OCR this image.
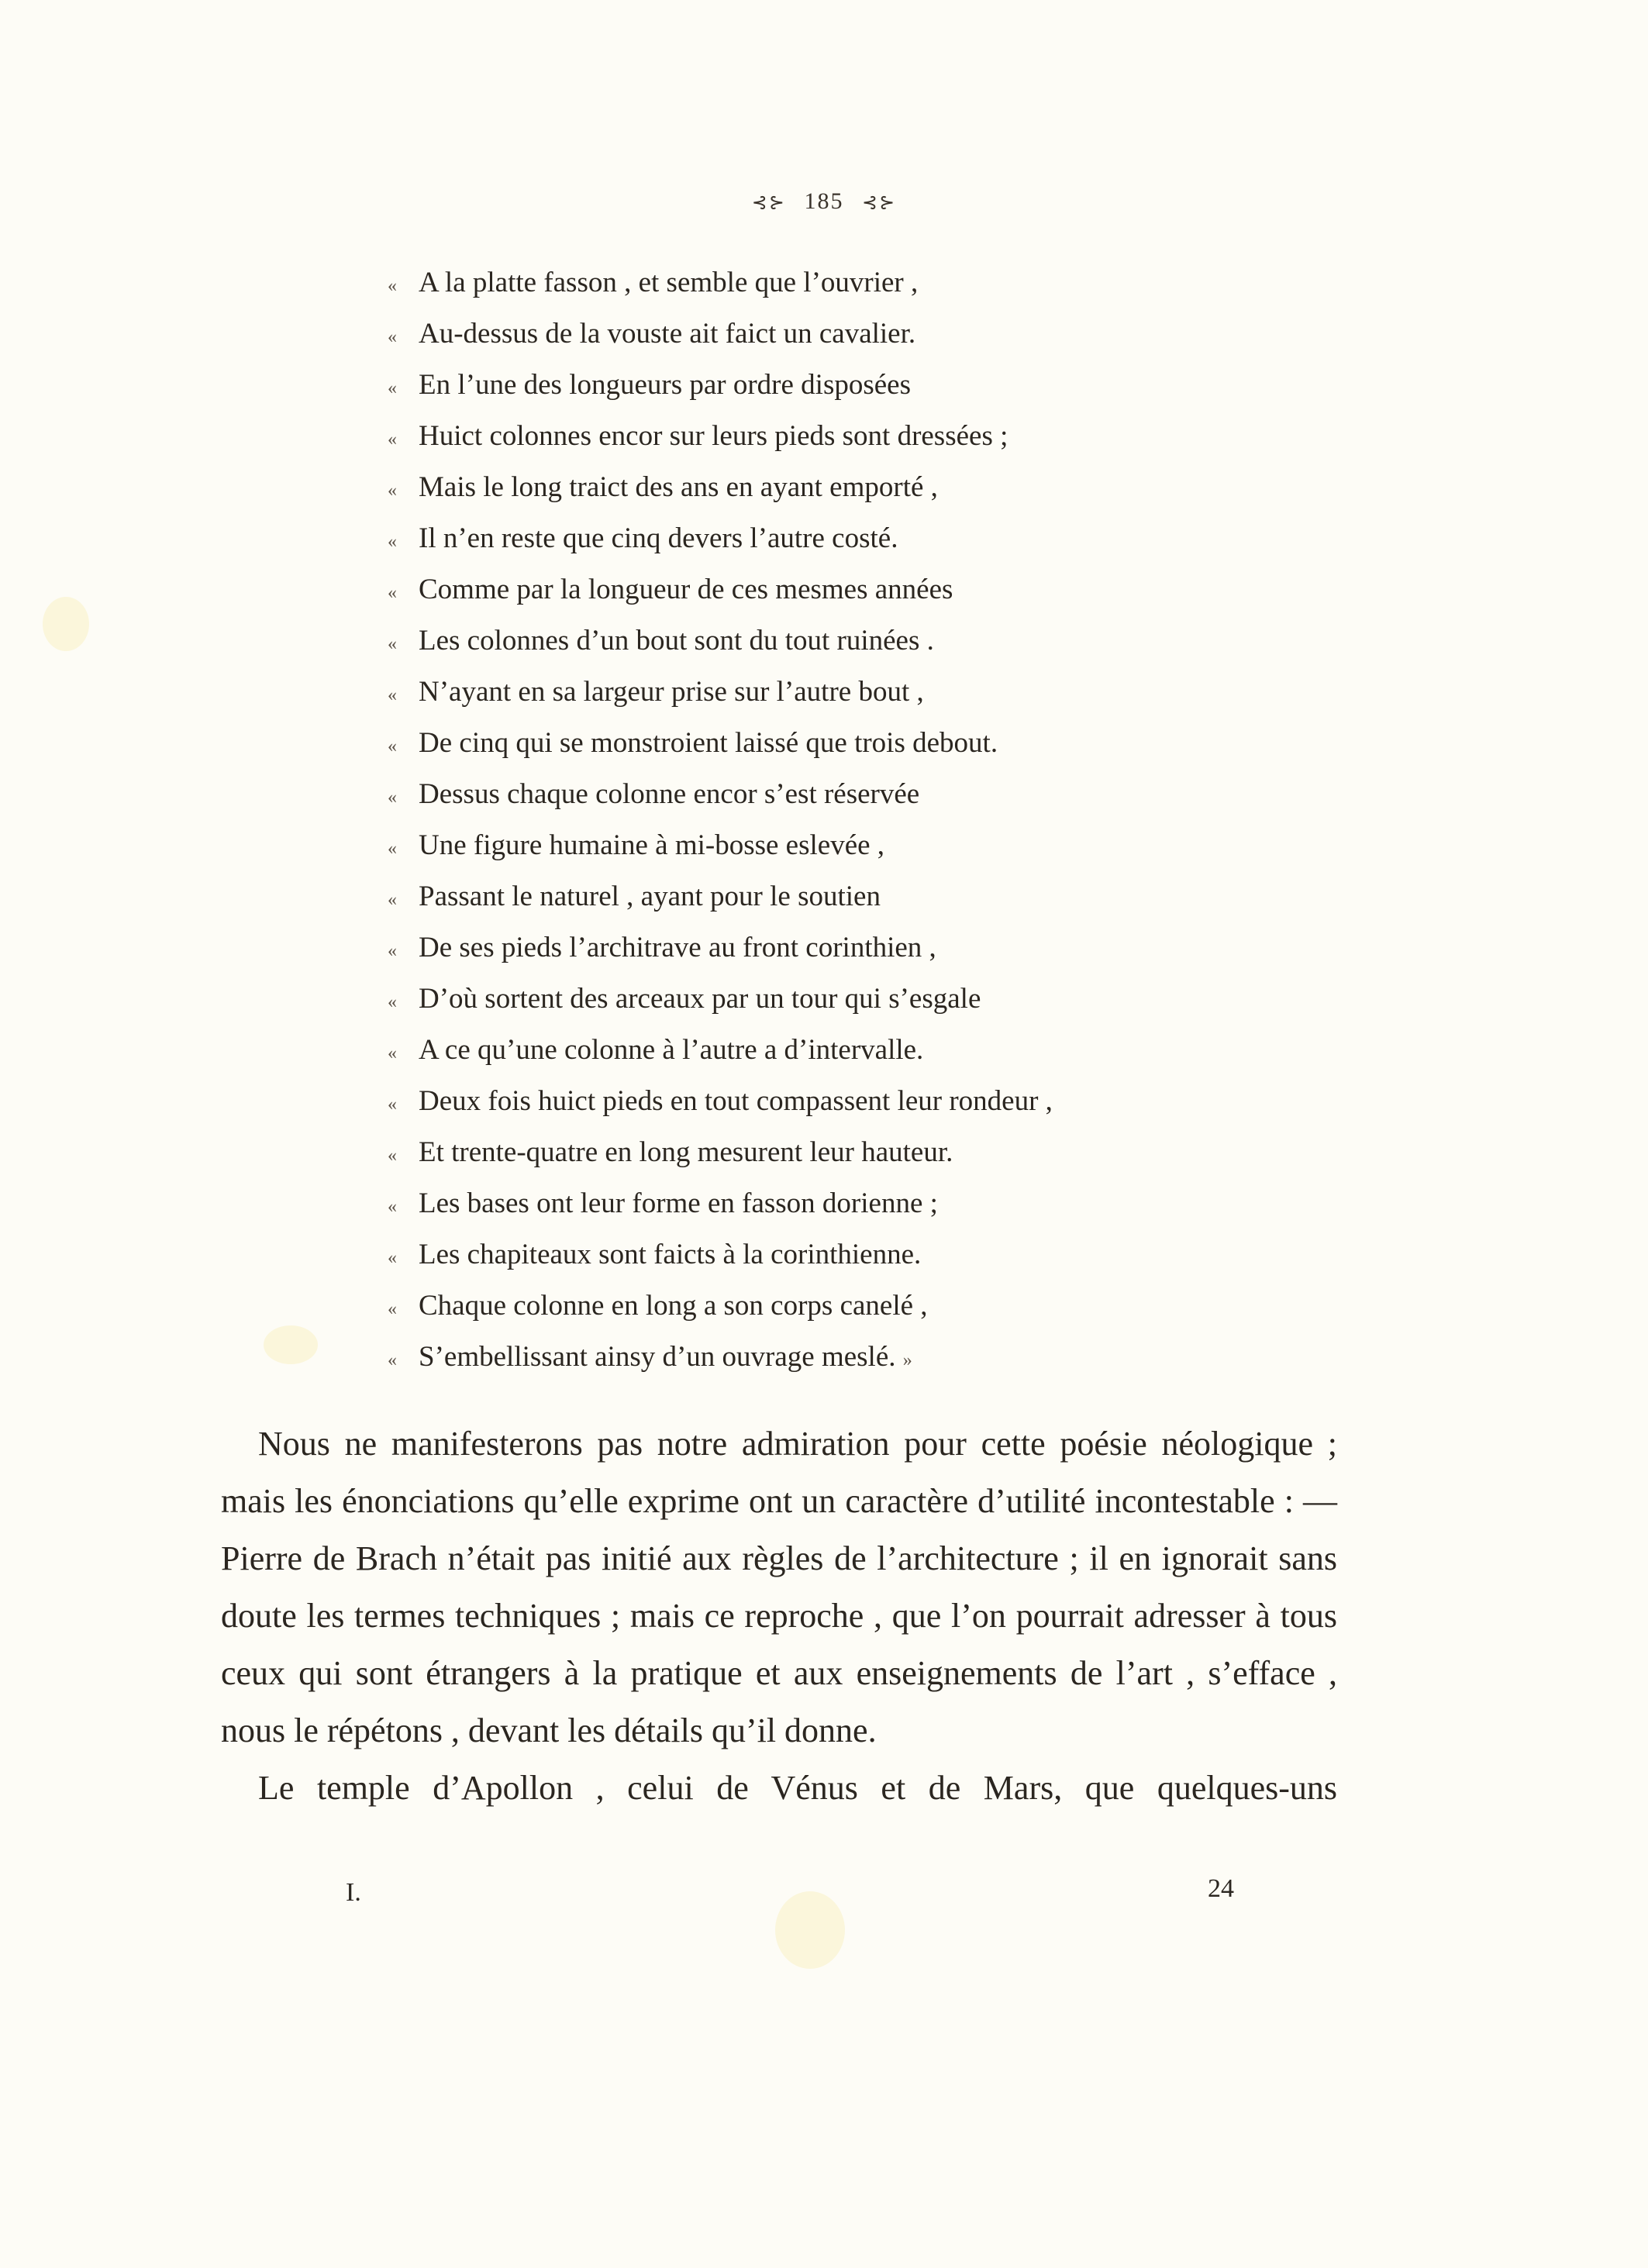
⊰⊱ 185 ⊰⊱
« A la platte fasson , et semble que l’ouvrier ,
« Au-dessus de la vouste ait faict un cavalier.
« En l’une des longueurs par ordre disposées
« Huict colonnes encor sur leurs pieds sont dressées ;
« Mais le long traict des ans en ayant emporté ,
« Il n’en reste que cinq devers l’autre costé.
« Comme par la longueur de ces mesmes années
« Les colonnes d’un bout sont du tout ruinées .
« N’ayant en sa largeur prise sur l’autre bout ,
« De cinq qui se monstroient laissé que trois debout.
« Dessus chaque colonne encor s’est réservée
« Une figure humaine à mi-bosse eslevée ,
« Passant le naturel , ayant pour le soutien
« De ses pieds l’architrave au front corinthien ,
« D’où sortent des arceaux par un tour qui s’esgale
« A ce qu’une colonne à l’autre a d’intervalle.
« Deux fois huict pieds en tout compassent leur rondeur ,
« Et trente-quatre en long mesurent leur hauteur.
« Les bases ont leur forme en fasson dorienne ;
« Les chapiteaux sont faicts à la corinthienne.
« Chaque colonne en long a son corps canelé ,
« S’embellissant ainsy d’un ouvrage meslé. »

Nous ne manifesterons pas notre admiration pour cette poésie néologique ; mais les énonciations qu’elle exprime ont un caractère d’utilité incontestable : — Pierre de Brach n’était pas initié aux règles de l’architecture ; il en ignorait sans doute les termes techniques ; mais ce reproche , que l’on pourrait adresser à tous ceux qui sont étrangers à la pratique et aux enseignements de l’art , s’efface , nous le répétons , devant les détails qu’il donne.

Le temple d’Apollon , celui de Vénus et de Mars, que quelques-uns

I.	24
